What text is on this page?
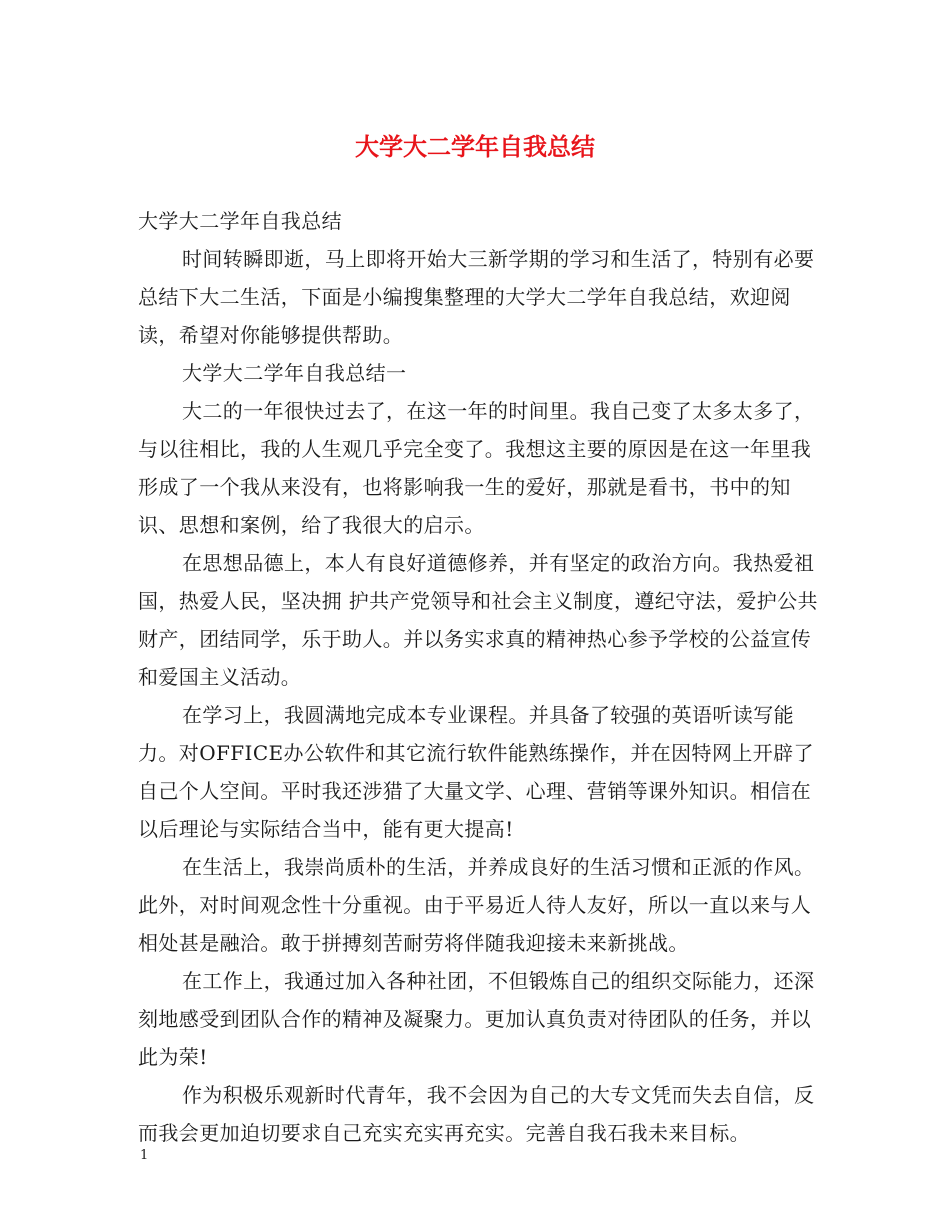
大学大二学年自我总结

大学大二学年自我总结

时间转瞬即逝，马上即将开始大三新学期的学习和生活了，特别有必要总结下大二生活，下面是小编搜集整理的大学大二学年自我总结，欢迎阅读，希望对你能够提供帮助。

大学大二学年自我总结一

大二的一年很快过去了，在这一年的时间里。我自己变了太多太多了，与以往相比，我的人生观几乎完全变了。我想这主要的原因是在这一年里我形成了一个我从来没有，也将影响我一生的爱好，那就是看书，书中的知识、思想和案例，给了我很大的启示。

在思想品德上，本人有良好道德修养，并有坚定的政治方向。我热爱祖国，热爱人民，坚决拥 护共产党领导和社会主义制度，遵纪守法，爱护公共财产，团结同学，乐于助人。并以务实求真的精神热心参予学校的公益宣传和爱国主义活动。

在学习上，我圆满地完成本专业课程。并具备了较强的英语听读写能力。对OFFICE办公软件和其它流行软件能熟练操作，并在因特网上开辟了自己个人空间。平时我还涉猎了大量文学、心理、营销等课外知识。相信在以后理论与实际结合当中，能有更大提高!

在生活上，我崇尚质朴的生活，并养成良好的生活习惯和正派的作风。此外，对时间观念性十分重视。由于平易近人待人友好，所以一直以来与人相处甚是融洽。敢于拼搏刻苦耐劳将伴随我迎接未来新挑战。

在工作上，我通过加入各种社团，不但锻炼自己的组织交际能力，还深刻地感受到团队合作的精神及凝聚力。更加认真负责对待团队的任务，并以此为荣!

作为积极乐观新时代青年，我不会因为自己的大专文凭而失去自信，反而我会更加迫切要求自己充实充实再充实。完善自我石我未来目标。

1
